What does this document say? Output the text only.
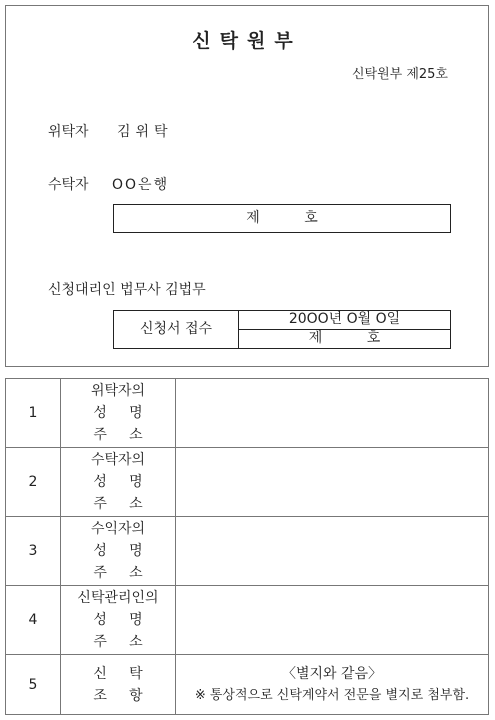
신탁원부
신탁원부 제25호
위탁자 김위탁
수탁자 OO은행
제          호
신청대리인 법무사 김법무
신청서 접수
20OO년 O월 O일
제          호
1	위탁자의
성     명
주     소	

2	수탁자의
성     명
주     소	

3	수익자의
성     명
주     소	

4	신탁관리인의
성     명
주     소	

5	신     탁
조     항	〈별지와 같음〉
※ 통상적으로 신탁계약서 전문을 별지로 첨부함.
